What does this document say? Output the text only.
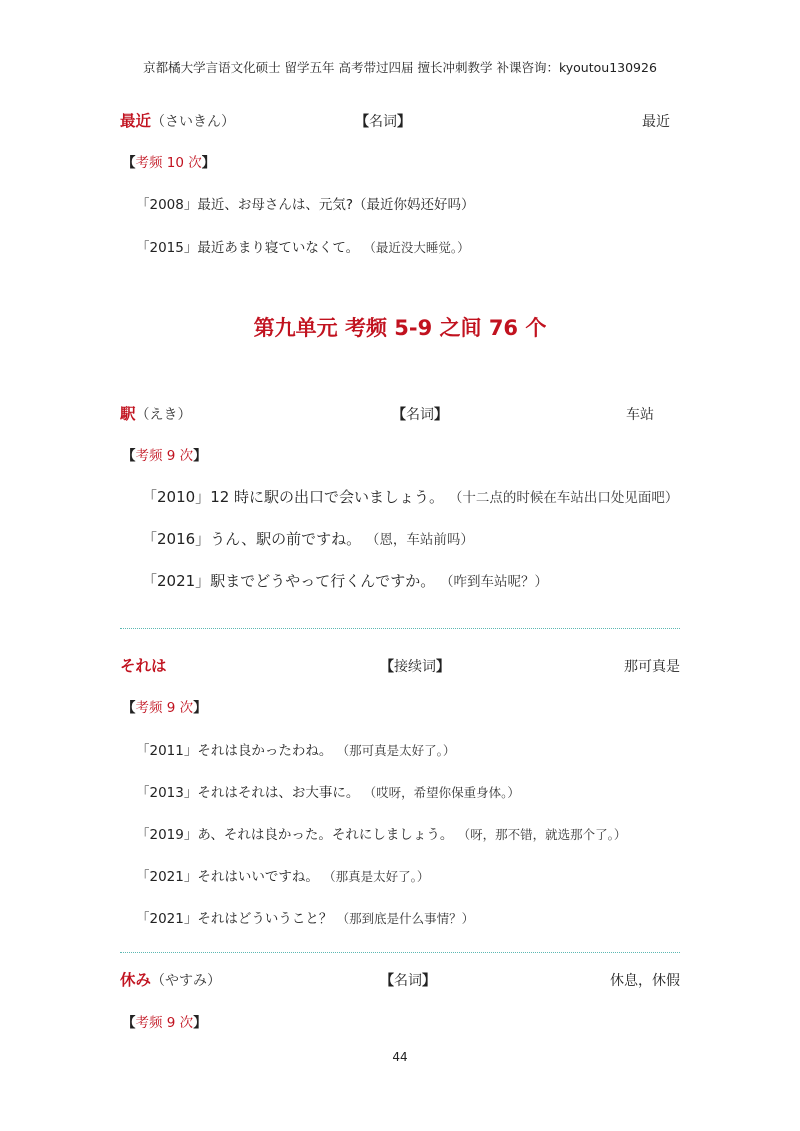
京都橘大学言语文化硕士 留学五年 高考带过四届 擅长冲刺教学 补课咨询：kyoutou130926
最近（さいきん）	【名词】	最近
【考频 10 次】
「2008」最近、お母さんは、元気?（最近你妈还好吗）
「2015」最近あまり寝ていなくて。 （最近没大睡觉。）
第九单元 考频 5-9 之间 76 个
駅（えき）	【名词】	车站
【考频 9 次】
「2010」12 時に駅の出口で会いましょう。 （十二点的时候在车站出口处见面吧）
「2016」うん、駅の前ですね。 （恩，车站前吗）
「2021」駅までどうやって行くんですか。 （咋到车站呢？）
それは	【接续词】	那可真是
【考频 9 次】
「2011」それは良かったわね。 （那可真是太好了。）
「2013」それはそれは、お大事に。 （哎呀，希望你保重身体。）
「2019」あ、それは良かった。それにしましょう。 （呀，那不错，就选那个了。）
「2021」それはいいですね。 （那真是太好了。）
「2021」それはどういうこと？ （那到底是什么事情？）
休み（やすみ）	【名词】	休息，休假
【考频 9 次】
44
